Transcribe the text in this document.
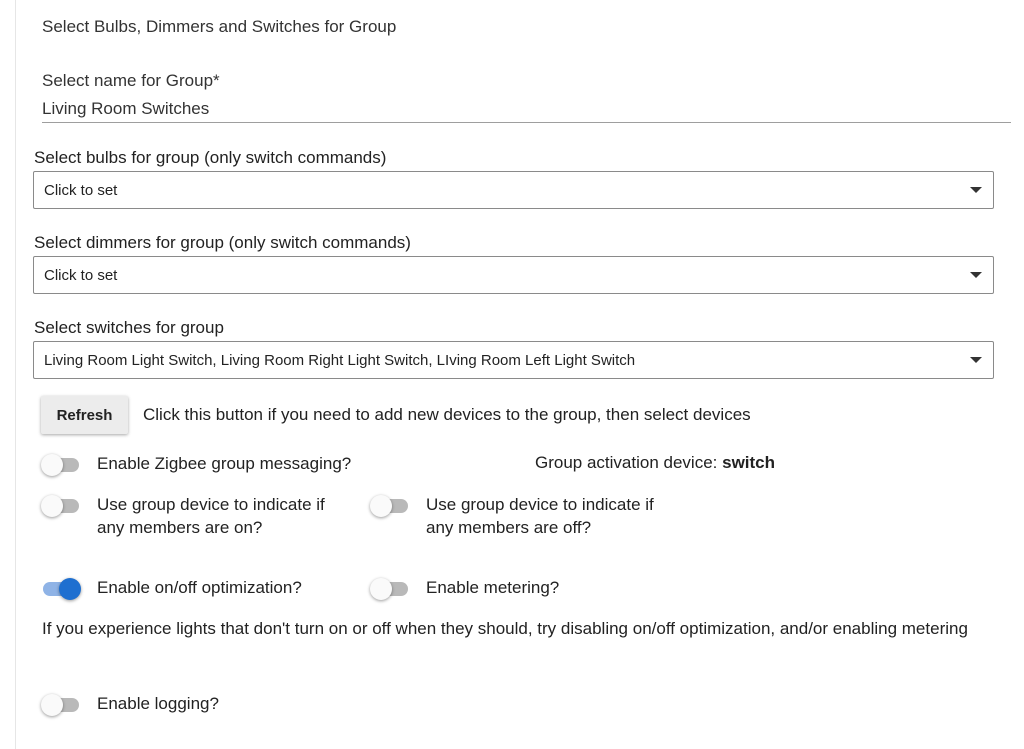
Select Bulbs, Dimmers and Switches for Group
Select name for Group*
Living Room Switches
Select bulbs for group (only switch commands)
Click to set
Select dimmers for group (only switch commands)
Click to set
Select switches for group
Living Room Light Switch, Living Room Right Light Switch, LIving Room Left Light Switch
Refresh	Click this button if you need to add new devices to the group, then select devices
Enable Zigbee group messaging?	Group activation device: switch
Use group device to indicate if
any members are on?
Use group device to indicate if
any members are off?
Enable on/off optimization?	Enable metering?
If you experience lights that don't turn on or off when they should, try disabling on/off optimization, and/or enabling metering
Enable logging?
